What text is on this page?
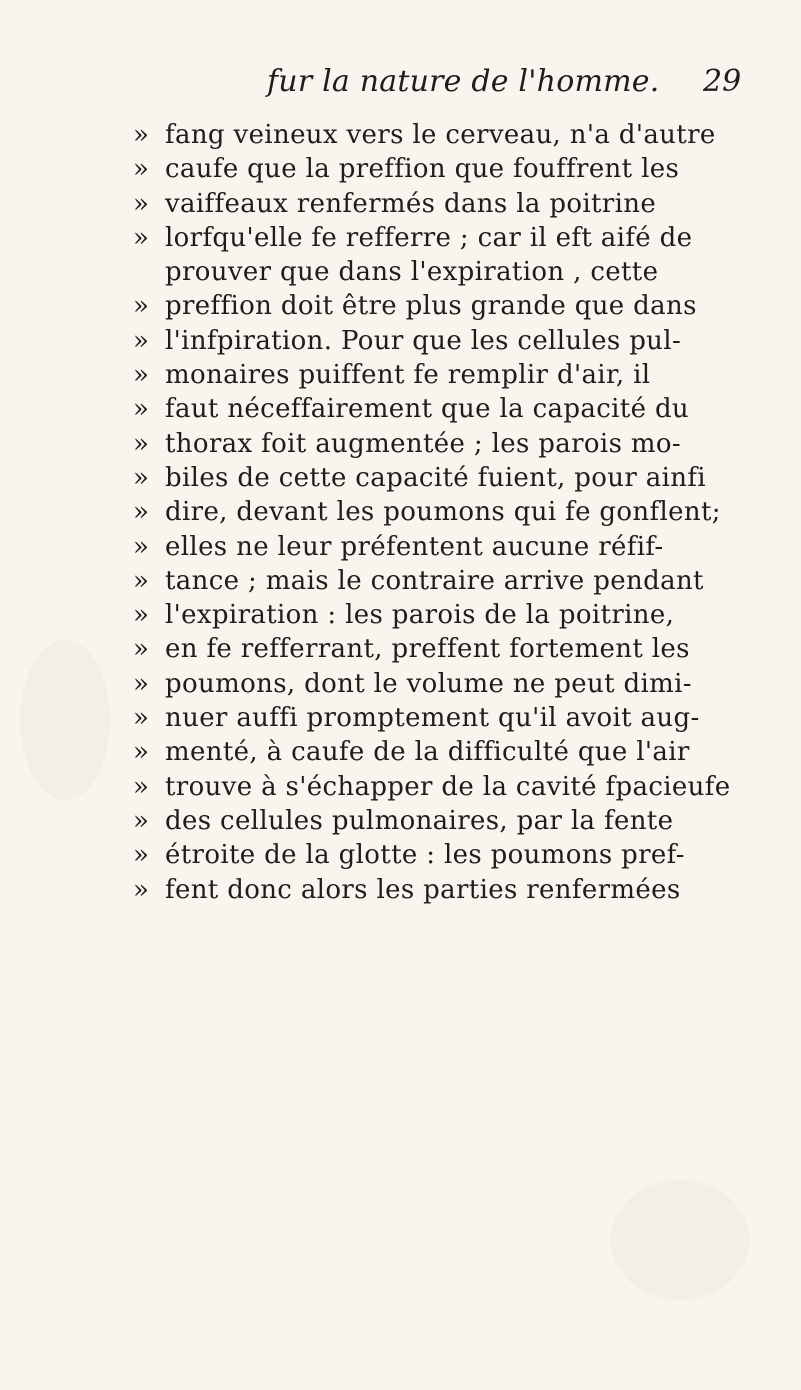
fur la nature de l'homme. 29
» fang veineux vers le cerveau, n'a d'autre
» caufe que la preffion que fouffrent les
» vaiffeaux renfermés dans la poitrine
» lorfqu'elle fe refferre ; car il eft aifé de
prouver que dans l'expiration , cette
» preffion doit être plus grande que dans
» l'infpiration. Pour que les cellules pul-
» monaires puiffent fe remplir d'air, il
» faut néceffairement que la capacité du
» thorax foit augmentée ; les parois mo-
» biles de cette capacité fuient, pour ainfi
» dire, devant les poumons qui fe gonflent;
» elles ne leur préfentent aucune réfif-
» tance ; mais le contraire arrive pendant
» l'expiration : les parois de la poitrine,
» en fe refferrant, preffent fortement les
» poumons, dont le volume ne peut dimi-
» nuer auffi promptement qu'il avoit aug-
» menté, à caufe de la difficulté que l'air
» trouve à s'échapper de la cavité fpacieufe
» des cellules pulmonaires, par la fente
» étroite de la glotte : les poumons pref-
» fent donc alors les parties renfermées
